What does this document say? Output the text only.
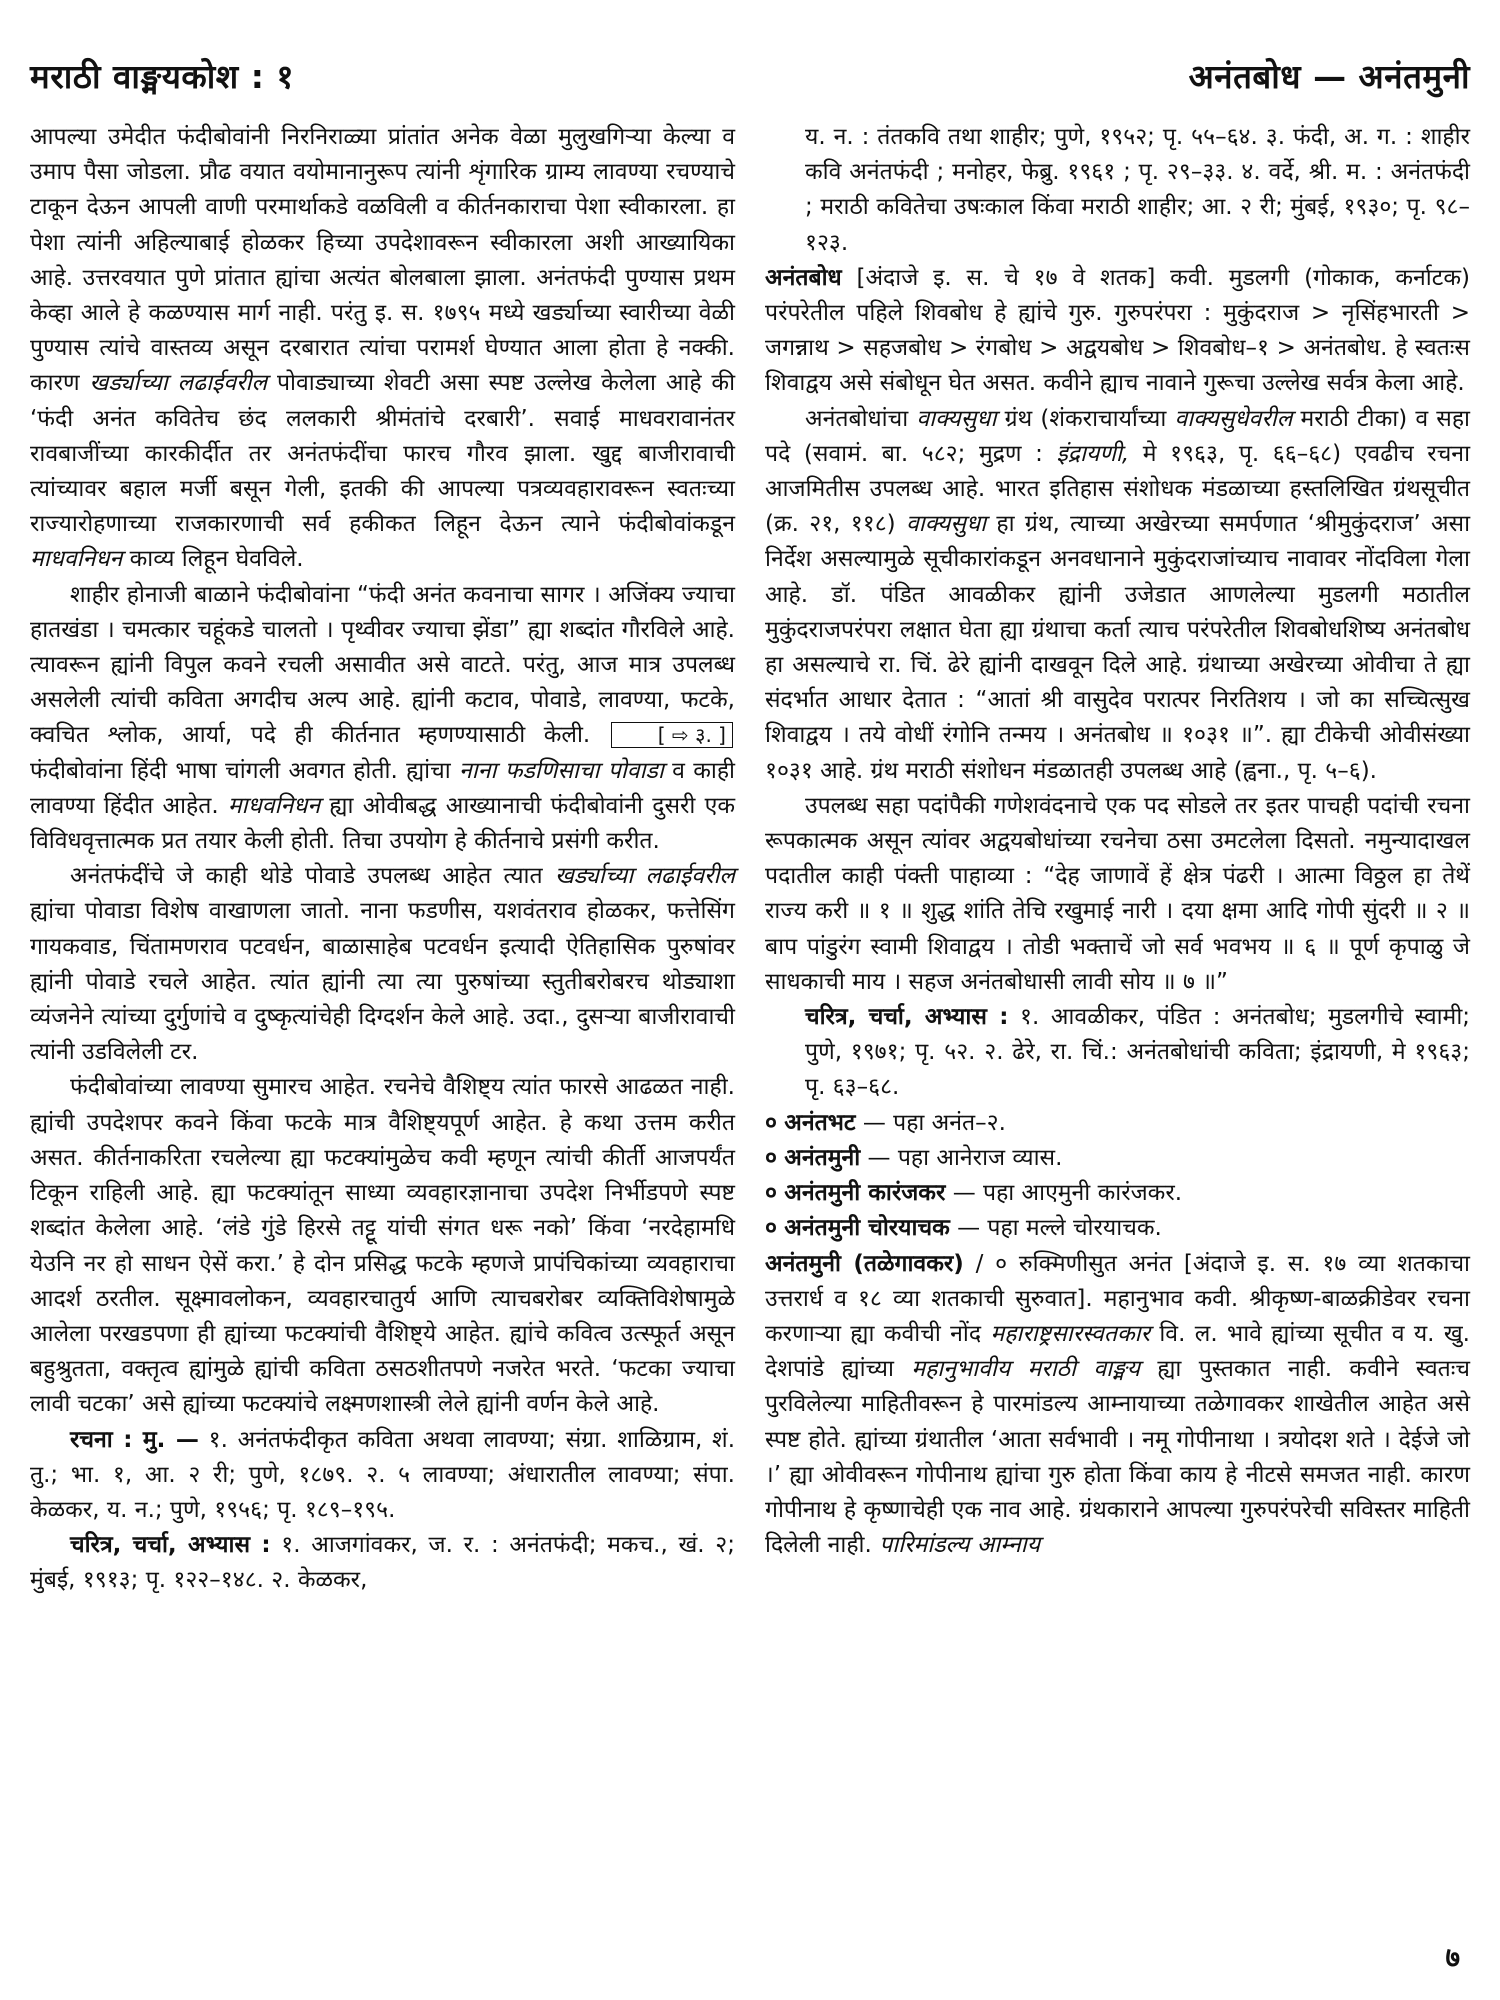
मराठी वाङ्मयकोश : १	अनंतबोध — अनंतमुनी

आपल्या उमेदीत फंदीबोवांनी निरनिराळ्या प्रांतांत अनेक वेळा मुलुखगिऱ्या केल्या व उमाप पैसा जोडला. प्रौढ वयात वयोमानानुरूप त्यांनी शृंगारिक ग्राम्य लावण्या रचण्याचे टाकून देऊन आपली वाणी परमार्थाकडे वळविली व कीर्तनकाराचा पेशा स्वीकारला. हा पेशा त्यांनी अहिल्याबाई होळकर हिच्या उपदेशावरून स्वीकारला अशी आख्यायिका आहे. उत्तरवयात पुणे प्रांतात ह्यांचा अत्यंत बोलबाला झाला. अनंतफंदी पुण्यास प्रथम केव्हा आले हे कळण्यास मार्ग नाही. परंतु इ. स. १७९५ मध्ये खर्ड्याच्या स्वारीच्या वेळी पुण्यास त्यांचे वास्तव्य असून दरबारात त्यांचा परामर्श घेण्यात आला होता हे नक्की. कारण खर्ड्याच्या लढाईवरील पोवाड्याच्या शेवटी असा स्पष्ट उल्लेख केलेला आहे की ‘फंदी अनंत कवितेच छंद ललकारी श्रीमंतांचे दरबारी’. सवाई माधवरावानंतर रावबाजींच्या कारकीर्दीत तर अनंतफंदींचा फारच गौरव झाला. खुद्द बाजीरावाची त्यांच्यावर बहाल मर्जी बसून गेली, इतकी की आपल्या पत्रव्यवहारावरून स्वतःच्या राज्यारोहणाच्या राजकारणाची सर्व हकीकत लिहून देऊन त्याने फंदीबोवांकडून माधवनिधन काव्य लिहून घेवविले.

शाहीर होनाजी बाळाने फंदीबोवांना “फंदी अनंत कवनाचा सागर । अजिंक्य ज्याचा हातखंडा । चमत्कार चहूंकडे चालतो । पृथ्वीवर ज्याचा झेंडा” ह्या शब्दांत गौरविले आहे. त्यावरून ह्यांनी विपुल कवने रचली असावीत असे वाटते. परंतु, आज मात्र उपलब्ध असलेली त्यांची कविता अगदीच अल्प आहे. ह्यांनी कटाव, पोवाडे, लावण्या, फटके, क्वचित श्लोक, आर्या, पदे ही कीर्तनात म्हणण्यासाठी केली.	[ ⇨ ३. ] फंदीबोवांना हिंदी भाषा चांगली अवगत होती. ह्यांचा नाना फडणिसाचा पोवाडा व काही लावण्या हिंदीत आहेत. माधवनिधन ह्या ओवीबद्ध आख्यानाची फंदीबोवांनी दुसरी एक विविधवृत्तात्मक प्रत तयार केली होती. तिचा उपयोग हे कीर्तनाचे प्रसंगी करीत.

अनंतफंदींचे जे काही थोडे पोवाडे उपलब्ध आहेत त्यात खर्ड्याच्या लढाईवरील ह्यांचा पोवाडा विशेष वाखाणला जातो. नाना फडणीस, यशवंतराव होळकर, फत्तेसिंग गायकवाड, चिंतामणराव पटवर्धन, बाळासाहेब पटवर्धन इत्यादी ऐतिहासिक पुरुषांवर ह्यांनी पोवाडे रचले आहेत. त्यांत ह्यांनी त्या त्या पुरुषांच्या स्तुतीबरोबरच थोड्याशा व्यंजनेने त्यांच्या दुर्गुणांचे व दुष्कृत्यांचेही दिग्दर्शन केले आहे. उदा., दुसऱ्या बाजीरावाची त्यांनी उडविलेली टर.

फंदीबोवांच्या लावण्या सुमारच आहेत. रचनेचे वैशिष्ट्य त्यांत फारसे आढळत नाही. ह्यांची उपदेशपर कवने किंवा फटके मात्र वैशिष्ट्यपूर्ण आहेत. हे कथा उत्तम करीत असत. कीर्तनाकरिता रचलेल्या ह्या फटक्यांमुळेच कवी म्हणून त्यांची कीर्ती आजपर्यंत टिकून राहिली आहे. ह्या फटक्यांतून साध्या व्यवहारज्ञानाचा उपदेश निर्भीडपणे स्पष्ट शब्दांत केलेला आहे. ‘लंडे गुंडे हिरसे तट्टू यांची संगत धरू नको’ किंवा ‘नरदेहामधि येउनि नर हो साधन ऐसें करा.’ हे दोन प्रसिद्ध फटके म्हणजे प्रापंचिकांच्या व्यवहाराचा आदर्श ठरतील. सूक्ष्मावलोकन, व्यवहारचातुर्य आणि त्याचबरोबर व्यक्तिविशेषामुळे आलेला परखडपणा ही ह्यांच्या फटक्यांची वैशिष्ट्ये आहेत. ह्यांचे कवित्व उत्स्फूर्त असून बहुश्रुतता, वक्तृत्व ह्यांमुळे ह्यांची कविता ठसठशीतपणे नजरेत भरते. ‘फटका ज्याचा लावी चटका’ असे ह्यांच्या फटक्यांचे लक्ष्मणशास्त्री लेले ह्यांनी वर्णन केले आहे.

रचना : मु. — १. अनंतफंदीकृत कविता अथवा लावण्या; संग्रा. शाळिग्राम, शं. तु.; भा. १, आ. २ री; पुणे, १८७९. २. ५ लावण्या; अंधारातील लावण्या; संपा. केळकर, य. न.; पुणे, १९५६; पृ. १८९–१९५.

चरित्र, चर्चा, अभ्यास : १. आजगांवकर, ज. र. : अनंतफंदी; मकच., खं. २; मुंबई, १९१३; पृ. १२२–१४८. २. केळकर,

य. न. : तंतकवि तथा शाहीर; पुणे, १९५२; पृ. ५५–६४. ३. फंदी, अ. ग. : शाहीर कवि अनंतफंदी ; मनोहर, फेब्रु. १९६१ ; पृ. २९–३३. ४. वर्दे, श्री. म. : अनंतफंदी ; मराठी कवितेचा उषःकाल किंवा मराठी शाहीर; आ. २ री; मुंबई, १९३०; पृ. ९८–१२३.

अनंतबोध [अंदाजे इ. स. चे १७ वे शतक] कवी. मुडलगी (गोकाक, कर्नाटक) परंपरेतील पहिले शिवबोध हे ह्यांचे गुरु. गुरुपरंपरा : मुकुंदराज > नृसिंहभारती > जगन्नाथ > सहजबोध > रंगबोध > अद्वयबोध > शिवबोध–१ > अनंतबोध. हे स्वतःस शिवाद्वय असे संबोधून घेत असत. कवीने ह्याच नावाने गुरूचा उल्लेख सर्वत्र केला आहे.

अनंतबोधांचा वाक्यसुधा ग्रंथ (शंकराचार्यांच्या वाक्यसुधेवरील मराठी टीका) व सहा पदे (सवामं. बा. ५८२; मुद्रण : इंद्रायणी, मे १९६३, पृ. ६६–६८) एवढीच रचना आजमितीस उपलब्ध आहे. भारत इतिहास संशोधक मंडळाच्या हस्तलिखित ग्रंथसूचीत (क्र. २१, ११८) वाक्यसुधा हा ग्रंथ, त्याच्या अखेरच्या समर्पणात ‘श्रीमुकुंदराज’ असा निर्देश असल्यामुळे सूचीकारांकडून अनवधानाने मुकुंदराजांच्याच नावावर नोंदविला गेला आहे. डॉ. पंडित आवळीकर ह्यांनी उजेडात आणलेल्या मुडलगी मठातील मुकुंदराजपरंपरा लक्षात घेता ह्या ग्रंथाचा कर्ता त्याच परंपरेतील शिवबोधशिष्य अनंतबोध हा असल्याचे रा. चिं. ढेरे ह्यांनी दाखवून दिले आहे. ग्रंथाच्या अखेरच्या ओवीचा ते ह्या संदर्भात आधार देतात : “आतां श्री वासुदेव परात्पर निरतिशय । जो का सच्चित्सुख शिवाद्वय । तये वोधीं रंगोनि तन्मय । अनंतबोध ॥ १०३१ ॥”. ह्या टीकेची ओवीसंख्या १०३१ आहे. ग्रंथ मराठी संशोधन मंडळातही उपलब्ध आहे (ह्वना., पृ. ५–६).

उपलब्ध सहा पदांपैकी गणेशवंदनाचे एक पद सोडले तर इतर पाचही पदांची रचना रूपकात्मक असून त्यांवर अद्वयबोधांच्या रचनेचा ठसा उमटलेला दिसतो. नमुन्यादाखल पदातील काही पंक्ती पाहाव्या : “देह जाणावें हें क्षेत्र पंढरी । आत्मा विठ्ठल हा तेथें राज्य करी ॥ १ ॥ शुद्ध शांति तेचि रखुमाई नारी । दया क्षमा आदि गोपी सुंदरी ॥ २ ॥ बाप पांडुरंग स्वामी शिवाद्वय । तोडी भक्ताचें जो सर्व भवभय ॥ ६ ॥ पूर्ण कृपाळु जे साधकाची माय । सहज अनंतबोधासी लावी सोय ॥ ७ ॥”

चरित्र, चर्चा, अभ्यास : १. आवळीकर, पंडित : अनंतबोध; मुडलगीचे स्वामी; पुणे, १९७१; पृ. ५२. २. ढेरे, रा. चिं.: अनंतबोधांची कविता; इंद्रायणी, मे १९६३; पृ. ६३–६८.

० अनंतभट — पहा अनंत–२.

० अनंतमुनी — पहा आनेराज व्यास.

० अनंतमुनी कारंजकर — पहा आएमुनी कारंजकर.

० अनंतमुनी चोरयाचक — पहा मल्ले चोरयाचक.

अनंतमुनी (तळेगावकर) / ० रुक्मिणीसुत अनंत [अंदाजे इ. स. १७ व्या शतकाचा उत्तरार्ध व १८ व्या शतकाची सुरुवात]. महानुभाव कवी. श्रीकृष्ण-बाळक्रीडेवर रचना करणाऱ्या ह्या कवीची नोंद महाराष्ट्रसारस्वतकार वि. ल. भावे ह्यांच्या सूचीत व य. खु. देशपांडे ह्यांच्या महानुभावीय मराठी वाङ्मय ह्या पुस्तकात नाही. कवीने स्वतःच पुरविलेल्या माहितीवरून हे पारमांडल्य आम्नायाच्या तळेगावकर शाखेतील आहेत असे स्पष्ट होते. ह्यांच्या ग्रंथातील ‘आता सर्वभावी । नमू गोपीनाथा । त्रयोदश शते । देईजे जो ।’ ह्या ओवीवरून गोपीनाथ ह्यांचा गुरु होता किंवा काय हे नीटसे समजत नाही. कारण गोपीनाथ हे कृष्णाचेही एक नाव आहे. ग्रंथकाराने आपल्या गुरुपरंपरेची सविस्तर माहिती दिलेली नाही. पारिमांडल्य आम्नाय

७
